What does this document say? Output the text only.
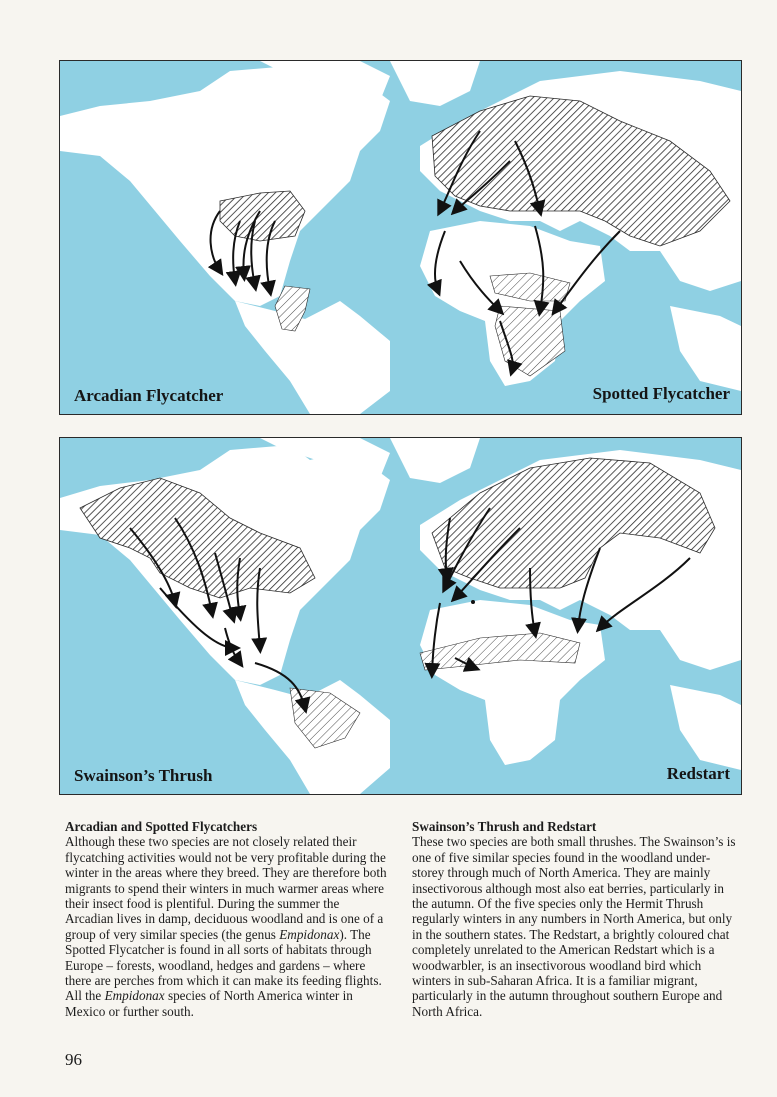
Arcadian Flycatcher	Spotted Flycatcher
Swainson’s Thrush	Redstart
Arcadian and Spotted Flycatchers

Although these two species are not closely related their flycatching activities would not be very profitable during the winter in the areas where they breed. They are therefore both migrants to spend their winters in much warmer areas where their insect food is plentiful. During the summer the Arcadian lives in damp, deciduous woodland and is one of a group of very similar species (the genus Empidonax). The Spotted Flycatcher is found in all sorts of habitats through Europe – forests, woodland, hedges and gardens – where there are perches from which it can make its feeding flights. All the Empidonax species of North America winter in Mexico or further south.

Swainson’s Thrush and Redstart

These two species are both small thrushes. The Swainson’s is one of five similar species found in the woodland under-storey through much of North America. They are mainly insectivorous although most also eat berries, particularly in the autumn. Of the five species only the Hermit Thrush regularly winters in any numbers in North America, but only in the southern states. The Redstart, a brightly coloured chat completely unrelated to the American Redstart which is a woodwarbler, is an insectivorous woodland bird which winters in sub-Saharan Africa. It is a familiar migrant, particularly in the autumn throughout southern Europe and North Africa.

96
